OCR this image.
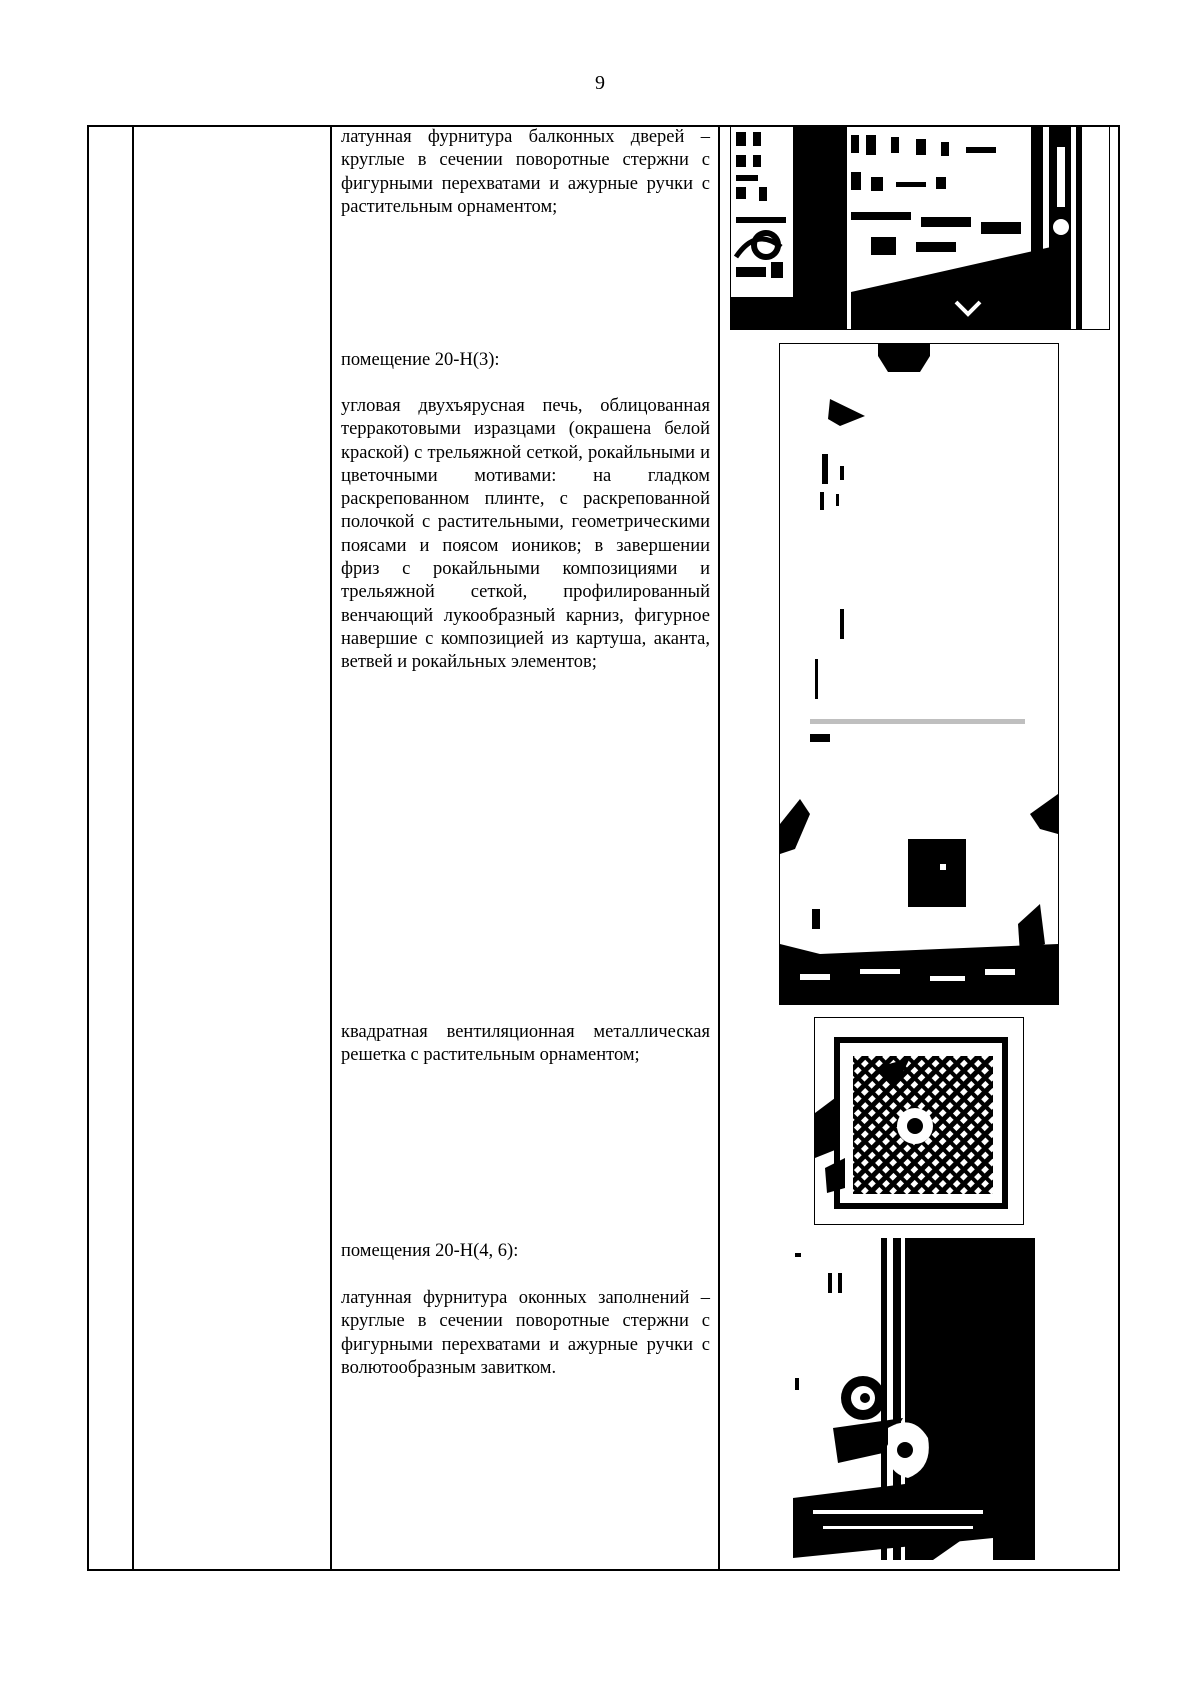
9
латунная фурнитура балконных дверей – круглые в сечении поворотные стержни с фигурными перехватами и ажурные ручки с растительным орнаментом;
помещение 20-Н(3):
угловая двухъярусная печь, облицованная терракотовыми изразцами (окрашена белой краской) с трельяжной сеткой, рокайльными и цветочными мотивами: на гладком раскрепованном плинте, с раскрепованной полочкой с растительными, геометрическими поясами и поясом иоников; в завершении фриз с рокайльными композициями и трельяжной сеткой, профилированный венчающий лукообразный карниз, фигурное навершие с композицией из картуша, аканта, ветвей и рокайльных элементов;
квадратная вентиляционная металлическая решетка с растительным орнаментом;
помещения 20-Н(4, 6):
латунная фурнитура оконных заполнений – круглые в сечении поворотные стержни с фигурными перехватами и ажурные ручки с волютообразным завитком.
